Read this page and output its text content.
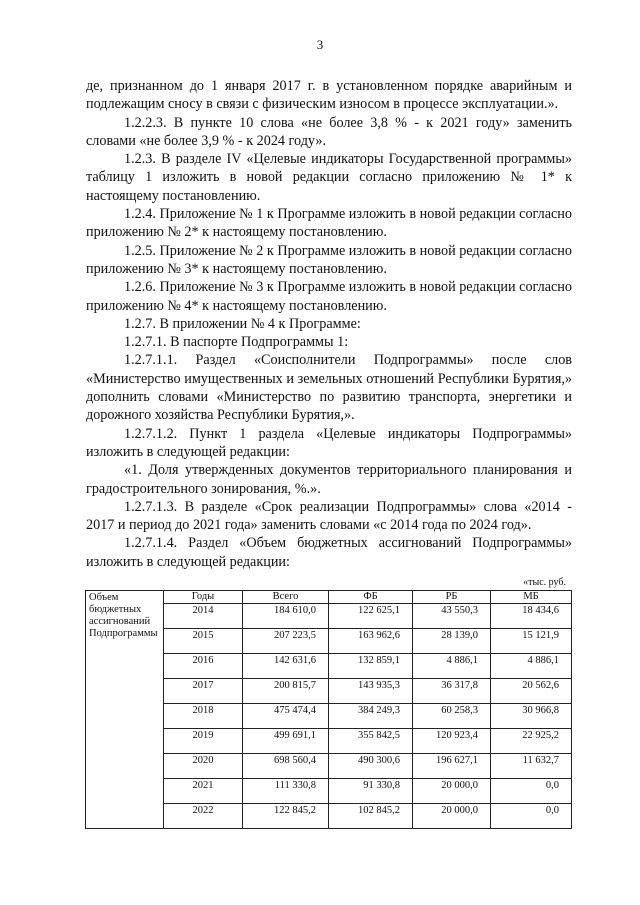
3

де, признанном до 1 января 2017 г. в установленном порядке аварийным и подлежащим сносу в связи с физическим износом в процессе эксплуатации.».

1.2.2.3. В пункте 10 слова «не более 3,8 % - к 2021 году» заменить словами «не более 3,9 % - к 2024 году».

1.2.3. В разделе IV «Целевые индикаторы Государственной программы» таблицу 1 изложить в новой редакции согласно приложению № 1* к настоящему постановлению.

1.2.4. Приложение № 1 к Программе изложить в новой редакции согласно приложению № 2* к настоящему постановлению.

1.2.5. Приложение № 2 к Программе изложить в новой редакции согласно приложению № 3* к настоящему постановлению.

1.2.6. Приложение № 3 к Программе изложить в новой редакции согласно приложению № 4* к настоящему постановлению.

1.2.7. В приложении № 4 к Программе:

1.2.7.1. В паспорте Подпрограммы 1:

1.2.7.1.1. Раздел «Соисполнители Подпрограммы» после слов «Министерство имущественных и земельных отношений Республики Бурятия,» дополнить словами «Министерство по развитию транспорта, энергетики и дорожного хозяйства Республики Бурятия,».

1.2.7.1.2. Пункт 1 раздела «Целевые индикаторы Подпрограммы» изложить в следующей редакции:

«1. Доля утвержденных документов территориального планирования и градостроительного зонирования, %.».

1.2.7.1.3. В разделе «Срок реализации Подпрограммы» слова «2014 - 2017 и период до 2021 года» заменить словами «с 2014 года по 2024 год».

1.2.7.1.4. Раздел «Объем бюджетных ассигнований Подпрограммы» изложить в следующей редакции:

«тыс. руб.
	Годы	Всего	ФБ	РБ	МБ
Объем бюджетных ассигнований Подпрограммы	2014	184 610,0	122 625,1	43 550,3	18 434,6
	2015	207 223,5	163 962,6	28 139,0	15 121,9
	2016	142 631,6	132 859,1	4 886,1	4 886,1
	2017	200 815,7	143 935,3	36 317,8	20 562,6
	2018	475 474,4	384 249,3	60 258,3	30 966,8
	2019	499 691,1	355 842,5	120 923,4	22 925,2
	2020	698 560,4	490 300,6	196 627,1	11 632,7
	2021	111 330,8	91 330,8	20 000,0	0,0
	2022	122 845,2	102 845,2	20 000,0	0,0
